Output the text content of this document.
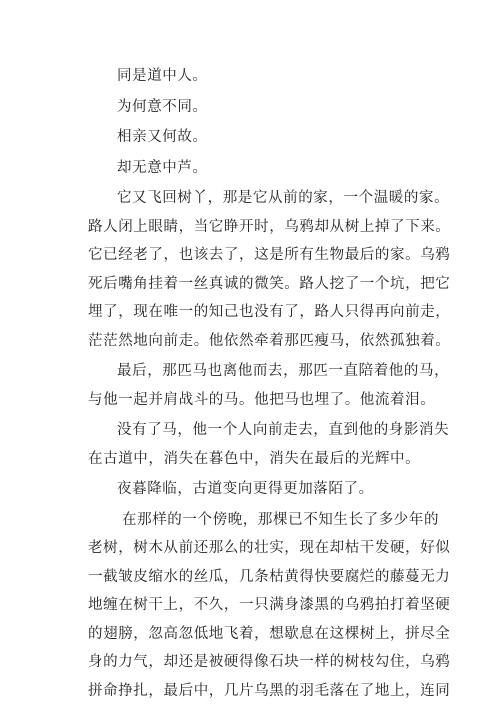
同是道中人。

为何意不同。

相亲又何故。

却无意中芦。

它又飞回树丫，那是它从前的家，一个温暖的家。
路人闭上眼睛，当它睁开时，乌鸦却从树上掉了下来。
它已经老了，也该去了，这是所有生物最后的家。乌鸦
死后嘴角挂着一丝真诚的微笑。路人挖了一个坑，把它
埋了，现在唯一的知己也没有了，路人只得再向前走，
茫茫然地向前走。他依然牵着那匹瘦马，依然孤独着。

最后，那匹马也离他而去，那匹一直陪着他的马，
与他一起并肩战斗的马。他把马也埋了。他流着泪。

没有了马，他一个人向前走去，直到他的身影消失
在古道中，消失在暮色中，消失在最后的光辉中。

夜暮降临，古道变向更得更加落陌了。

在那样的一个傍晚，那棵已不知生长了多少年的
老树，树木从前还那么的壮实，现在却枯干发硬，好似
一截皱皮缩水的丝瓜，几条枯黄得快要腐烂的藤蔓无力
地缠在树干上，不久，一只满身漆黑的乌鸦拍打着坚硬
的翅膀，忽高忽低地飞着，想歇息在这棵树上，拼尽全
身的力气，却还是被硬得像石块一样的树枝勾住，乌鸦
拼命挣扎，最后中，几片乌黑的羽毛落在了地上，连同
